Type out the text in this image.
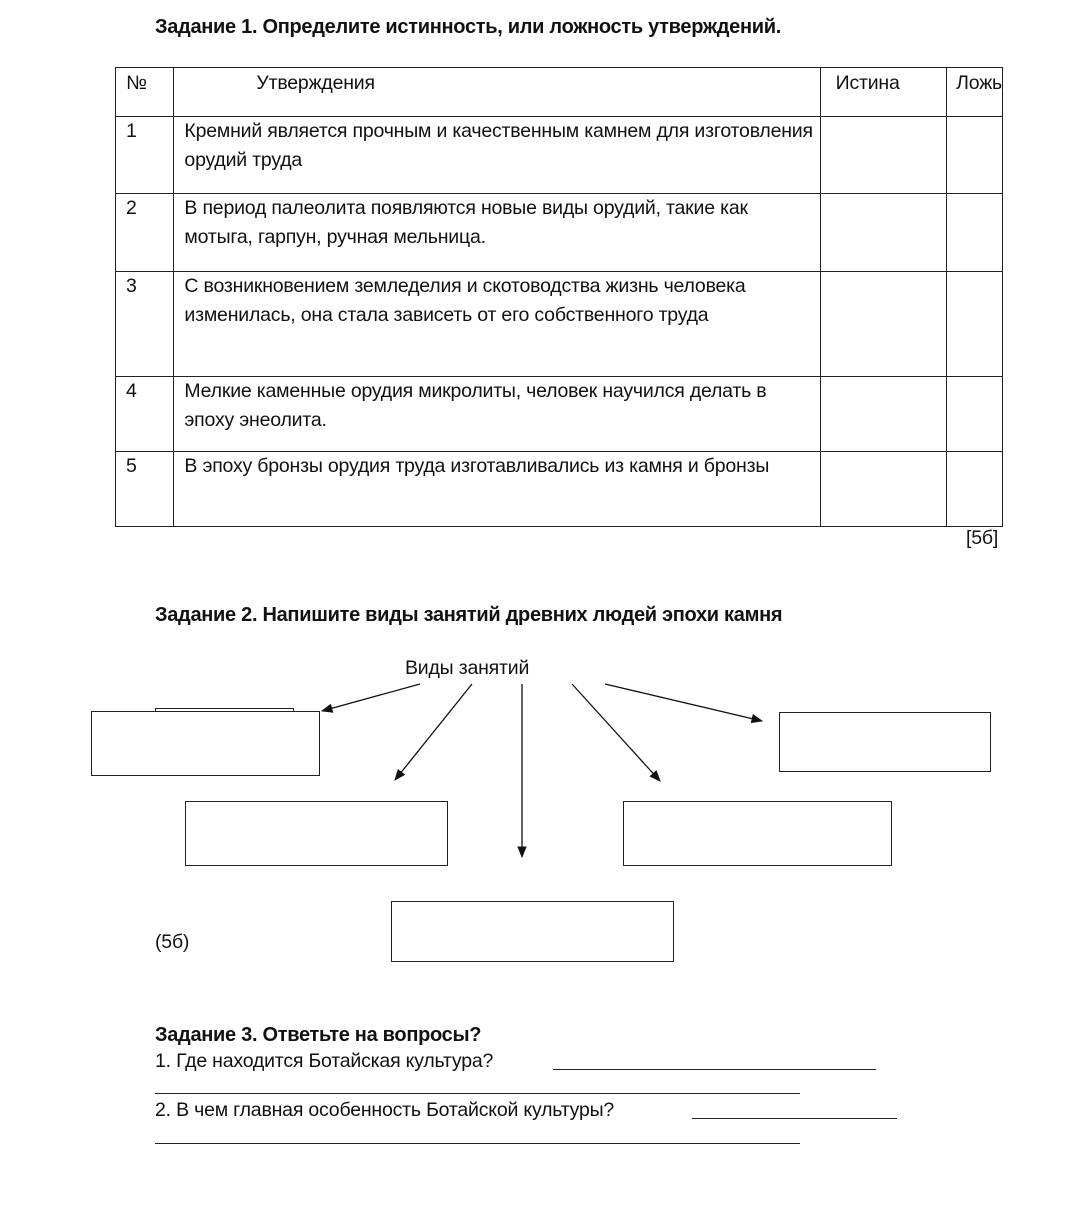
Задание 1. Определите истинность, или ложность утверждений.
№	Утверждения	Истина	Ложь
1	Кремний является прочным и качественным камнем для изготовления орудий труда		
2	В период палеолита появляются новые виды орудий, такие как мотыга, гарпун, ручная мельница.		
3	С возникновением земледелия и скотоводства жизнь человека изменилась, она стала зависеть от его собственного труда		
4	Мелкие каменные орудия микролиты, человек научился делать в эпоху энеолита.		
5	В эпоху бронзы орудия труда изготавливались из камня и бронзы		
[5б]
Задание 2. Напишите виды занятий древних людей эпохи камня
Виды занятий
(5б)
Задание 3. Ответьте на вопросы?
1. Где находится Ботайская культура?
2. В чем главная особенность Ботайской культуры?
